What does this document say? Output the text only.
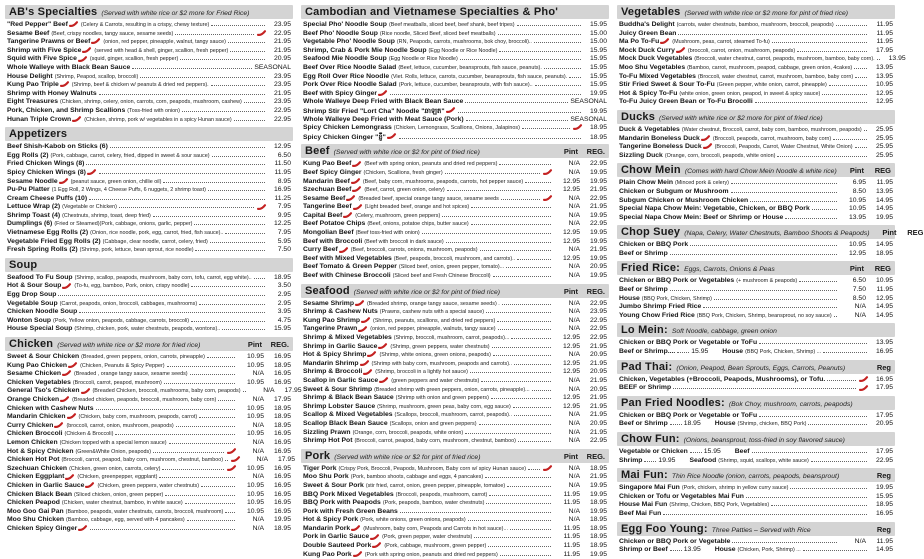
AB's Specialties (Served with white rice or $2 more for Fried Rice)
"Red Pepper" Beef (Celery & Carrots, resulting in a crispy, chewy texture)	23.95
Sesame Beef (Beef, crispy noodles, tangy sauce, sesame seeds)	22.95
Tangerine Prawns or Beef (onion, red pepper, pineapple, walnut, tangy sauce)	21.95
Shrimp with Five Spice (served with head & shell, ginger, scallion, fresh pepper)	21.95
Squid with Five Spice (squid, ginger, scallion, fresh pepper)	20.95
Whole Walleye with Black Bean Sauce	SEASONAL
House Delight (Shrimp, Peapod, scallop, broccoli)	23.95
Kung Pao Triple (Shrimp, beef & chicken w/ peanuts & dried red peppers).	23.95
Shrimp with Honey Walnuts	21.95
Eight Treasures (Chicken, shrimp, celery, onion, carrots, corn, peapods, mushroom, cashew)	23.95
Pork, Chicken, and Shrimp Scallions (Toss-fried with onion)	22.95
Hunan Triple Crown (Chicken, shrimp, pork w/ vegetables in a spicy Hunan sauce)	22.95
Appetizers
Beef Shish-Kabob on Sticks (6)	12.95
Egg Rolls (2) (Pork, cabbage, carrot, celery, fried, dipped in sweet & sour sauce)	6.50
Fried Chicken Wings (8)	11.50
Spicy Chicken Wings (8)	11.95
Sesame Noodle (peanut sauce, green onion, chillie oil)	8.95
Pu-Pu Platter (1 Egg Roll, 2 Wings, 4 Cheese Puffs, 6 nuggets, 2 shrimp toast)	16.95
Cream Cheese Puffs (10)	11.25
Lettuce Wrap (2) (Vegetable or Chicken)	7.95
Shrimp Toast (4) (Chestnuts, shrimp, toast, deep fried)	9.95
Dumplings (6) (Fried or Steamed)(Pork, cabbage, onions, garlic, pepper)	12.25
Vietnamese Egg Rolls (2) (Onion, rice noodle, pork, egg, carrot, fried, fish sauce)..	7.95
Vegetable Fried Egg Rolls (2) (Cabbage, clear noodle, carrot, celery, fried)	5.95
Fresh Spring Rolls (2) (Shrimp, pork, lettuce, bean sprout, rice noodle)	7.50
Soup
Seafood To Fu Soup (Shrimp, scallop, peapods, mushroom, baby corn, tofu, carrot, egg white)..	18.95
Hot & Sour Soup (To-fu, egg, bamboo, Pork, onion, crispy noodle)	3.50
Egg Drop Soup	2.95
Vegetable Soup (Carrot, peapods, onion, broccoli, cabbages, mushrooms)	2.95
Chicken Noodle Soup	3.95
Wonton Soup (Pork, Yellow onion, peapods, cabbage, carrots, broccoli)	4.75
House Special Soup (Shrimp, chicken, pork, water chestnuts, peapods, wontons)..	15.95
Chicken (Served with white rice or $2 more for fried rice)	Pint	REG.
Sweet & Sour Chicken (Breaded, green peppers, onion, carrots, pineapple)	10.95	16.95
Kung Pao Chicken (Chicken, Peanuts & Spicy Pepper)	10.95	18.95
Sesame Chicken (Breaded , orange tangy sauce, sesame seeds)	N/A	16.95
Chicken Vegetables (Broccoli, carrot, peapod, mushroom)	10.95	16.95
General Tso's Chicken (Breaded Chicken, broccoli, mushrooms, baby corn, peapods)	N/A	17.95
Orange Chicken (Breaded chicken, peapods, broccoli, mushroom, baby corn)	N/A	17.95
Chicken with Cashew Nuts	10.95	18.95
Mandarin Chicken (Chicken, baby corn, mushroom, peapods, carrot)	10.95	18.95
Curry Chicken (broccoli, carrot, onion, mushroom, peapods)	N/A	18.95
Chicken Broccoli (Chicken & Broccoli)	10.95	16.95
Lemon Chicken (Chicken topped with a special lemon sauce)	N/A	16.95
Hot & Spicy Chicken (Green&White Onion, peapods)	N/A	16.95
Chicken Hot Pot (Broccoli, carrot, peapod, baby corn, mushroom, chestnut, bamboo)	N/A	17.95
Szechuan Chicken (Chicken, green onion, carrots, celery)	10.95	16.95
Chicken Eggplant (Chicken, greenpepper, eggplant)	N/A	16.95
Chicken in Garlic Sauce (Chicken, green peppers, water chestnuts)	10.95	16.95
Chicken Black Bean (Sliced chicken, onion, green pepper)	10.95	16.95
Chicken Peapod (Chicken, water chestnut, bamboo, in white sauce)	10.95	16.95
Moo Goo Gai Pan (Bamboo, peapods, water chestnuts, carrots, broccoli, mushroom)	10.95	16.95
Moo Shu Chicken (Bamboo, cabbage, egg, served with 4 pancakes)	N/A	19.95
Chicken Spicy Ginger	N/A	18.95
Cambodian and Vietnamese Specialties & Pho'
Special Pho' Noodle Soup (Beef meatballs, sliced beef, beef shank, beef tripes)	15.95
Beef Pho' Noodle Soup (Rice noodle, Sliced Beef, sliced beef meatballs)	15.00
Vegetable Pho' Noodle Soup (RN, Peapods, carrots, mushrooms, bok choy, broccoli)..	15.00
Shrimp, Crab & Pork Mie Noodle Soup (Egg Noodle or Rice Noodle)	15.95
Seafood Mie Noodle Soup (Egg Noodle or Rice Noodle)	15.95
Beef Over Rice Noodle Salad (Beef, lettuce, cucumber, beansprouts, fish sauce, peanuts).	15.95
Egg Roll Over Rice Noodle (Viet. Rolls, lettuce, carrots, cucumber, beansprouts, fish sauce, peanuts).	15.95
Pork Over Rice Noodle Salad (Pork, lettuce, cucumber, beansprouts, with fish sauce)..	15.95
Beef with Spicy Ginger	19.95
Whole Walleye Deep Fried with Black Bean Sauce	SEASONAL
Shrimp Stir Fried "Lort Cha" Noodle "ឆាឡត"	19.95
Whole Walleye Deep Fried with Meat Sauce (Pork)	SEASONAL
Spicy Chicken Lemongrass (Chicken, Lemongrass, Scallions, Onions, Jalapinos)	18.95
Spicy Chicken Ginger "ខ្ញី"	18.95
Beef (Served with white rice or $2 for pint of fried rice)	Pint	REG.
Kung Pao Beef (Beef with spring onion, peanuts and dried red peppers)	N/A	22.95
Beef Spicy Ginger (Chicken, Scallions, fresh ginger)	N/A	19.95
Mandarin Beef (Beef, baby corn, mushrooms, peapods, carrots, hot pepper sauce)	12.95	19.95
Szechuan Beef (Beef, carrot, green onion, celery)	12.95	21.95
Sesame Beef (Breaded beef, special orange tangy sauce, sesame seeds	N/A	22.95
Tangerine Beef (Light breaded beef, orange and hot spices)	N/A	21.95
Capital Beef (Celery, mushroom, green peppers)	N/A	19.95
Beef Potatoe Chips (Beef, onions, potatoe chips, butter sauce)	N/A	22.95
Mongolian Beef (Beef toss-fried with onion)	12.95	19.95
Beef with Broccoli (Beef with broccoli in dark sauce)	12.95	19.95
Curry Beef (Beef, broccoli, carrots, onions, mushroom, peapods)	N/A	21.95
Beef with Mixed Vegetables (Beef, peapods, broccoli, mushroom, and carrots)..	12.95	19.95
Beef Tomato & Green Pepper (Sliced beef, onion, green pepper, tomato)...	N/A	20.95
Beef with Chinese Broccoli (Sliced beef and Fresh Chinese Broccoli)	N/A	19.95
Seafood (Served with white rice or $2 for pint of fried rice)	Pint	REG.
Sesame Shrimp (Breaded shrimp, orange tangy sauce, sesame seeds) .	N/A	22.95
Shrimp & Cashew Nuts (Prawns, cashew nuts with a special sauce)	N/A	23.95
Kung Pao Shrimp (Shrimp, peanuts, scallions, and dried red peppers)	N/A	22.95
Tangerine Prawn (onion, red pepper, pineapple, walnuts, tangy sauce)	N/A	22.95
Shrimp & Mixed Vegetables (Shrimp, broccoli, mushroom, carrot, peapods)...	12.95	22.95
Shrimp in Garlic Sauce (Shrimp, green peppers, water chestnuts)	12.95	21.95
Hot & Spicy Shrimp (Shrimp, white onions, green onions, peapods)	N/A	20.95
Mandarin Shrimp (Shrimp with baby corn, mushroom, peapods and carrots)..	12.95	21.95
Shrimp & Broccoli (Shrimp, broccoli in a lightly hot sauce)	12.95	20.95
Scallop in Garlic Sauce (green peppers and water chestnuts)	N/A	21.95
Sweet & Sour Shrimp (Breaded shrimp with green peppers, onion, carrots, pineapple)...	N/A	20.95
Shrimp & Black Bean Sauce (Shrimp with onion and green peppers)	12.95	21.95
Shrimp Lobster Sauce (Shrimp, mushroom, green peas, baby corn, egg sauce)	12.95	21.95
Scallop & Mixed Vegetables (Scallops, broccoli, mushroom, carrot, peapods)..	N/A	21.95
Scallop Black Bean Sauce (Scallops, onion and green peppers)	N/A	20.95
Sizzling Prawn (Orange, corn, broccoli, peapods, white onion)	N/A	21.95
Shrimp Hot Pot (Broccoli, carrot, peapod, baby corn, mushroom, chestnut, bamboo)	N/A	22.95
Pork (Served with white rice or $2 for pint of fried rice)	Pint	REG.
Tiger Pork (Crispy Pork, Broccoli, Peapods, Mushroom, Baby corn w/ spicy Hunan sauce)	N/A	18.95
Moo Shu Pork (Pork, bamboo shoots, cabbage and eggs, 4 pancakes)	N/A	21.95
Sweet & Sour Pork (stir fried, carrot, onion, green pepper, pineapple, tomatoe)	N/A	19.95
BBQ Pork Mixed Vegetables (Broccoli, peapods, mushroom, carrot)	11.95	19.95
BBQ Pork with Peapods (Pork, peapods, bamboo, water chestnuts)	11.95	18.95
Pork with Fresh Green Beans	N/A	19.95
Hot & Spicy Pork (Pork, white onions, green onions, peapods)	N/A	18.95
Mandarin Pork (Mushroom, baby corn, Peapods and Carrots in hot sauce)...	11.95	18.95
Pork in Garlic Sauce (Pork, green pepper, water chestnuts)	11.95	18.95
Double Sauteed Pork (Pork, cabbage, mushroom, green pepper)	11.95	18.95
Kung Pao Pork (Pork with spring onion, peanuts and dried red peppers)	11.95	19.95
Vegetables (Served with white rice or $2 more for pint of fried rice)
Buddha's Delight (carrots, water chestnuts, bamboo, mushroom, broccoli, peapods)	11.95
Juicy Green Bean	11.95
Ma Po To-Fu (Mushroom, peas, carrot, steamed To-fu)	11.95
Mock Duck Curry (broccoli, carrot, onion, mushroom, peapods)	17.95
Mock Duck Vegetables (Broccoli, water chestnut, carrot, peapods, mushroom, bamboo, baby corn).	13.95
Moo Shu Vegetables (Bamboo, carrot, mushroom, peapod, cabbage, green onion, 4cakes)	13.95
To-Fu Mixed Vegetables (Broccoli, water chestnut, carrot, mushroom, bamboo, baby corn)	13.95
Stir Fried Sweet & Sour To-Fu (Green pepper, white onion, carrot, pineapple)	10.95
Hot & Spicy To-Fu (white onion, green onion, peapod, in sweet & spicy sauce)	12.95
To-Fu Juicy Green Bean or To-Fu Brocolli	12.95
Ducks (Served with white rice or $2 more for pint of fried rice)
Duck & Vegetables (Water chestnut, Broccoli, carrot, baby corn, bamboo, mushroom, peapods)	25.95
Mandarin Boneless Duck (Broccoli, peapods, carrot, mushroom, baby corn)	25.95
Tangerine Boneless Duck (Broccoli, Peapods, Carrot, Water Chestnut, White Onion)	25.95
Sizzling Duck (Orange, corn, broccoli, peapods, white onion)	25.95
Chow Mein (Comes with hard Chow Mein Noodle & white rice)	Pint	REG
Plain Chow Mein (Minced pork & celery)	6.95	11.95
Chicken or Subgum or Mushroom	8.50	13.95
Subgum Chicken or Mushroom Chicken	10.95	14.95
Special Napa Chow Mein: Vegetable, Chicken, or BBQ Pork	10.95	14.95
Special Napa Chow Mein: Beef or Shrimp or House	13.95	19.95
Chop Suey (Napa, Celery, Water Chestnuts, Bamboo Shoots & Peapods)	Pint	REG
Chicken or BBQ Pork	10.95	14.95
Beef or Shrimp	12.95	18.95
Fried Rice: Eggs, Carrots, Onions & Peas	Pint	REG
Chicken or BBQ Pork or Vegetables (+ mushroom & peapods)	6.50	10.95
Beef or Shrimp	7.50	11.95
House (BBQ Pork, Chicken, Shrimp)	8.50	12.95
Jumbo Shrimp Fried Rice	N/A	14.95
Young Chow Fried Rice (BBQ Pork, Chicken, Shrimp, beansprout, no soy sauce)	N/A	14.95
Lo Mein: Soft Noodle, cabbage, green onion
Chicken or BBQ Pork or Vegetable or ToFu	13.95
Beef or Shrimp.... 15.95 House (BBQ Pork, Chicken, Shrimp) ...	16.95
Pad Thai: (Onion, Peapod, Bean Sprouts, Eggs, Carrots, Peanuts)	Reg
Chicken, Vegetables (+Broccoli, Peapods, Mushrooms), or Tofu.	16.95
BEEF or Shrimp	17.95
Pan Fried Noodles: (Bok Choy, mushroom, carrots, peapods)
Chicken or BBQ Pork or Vegetable or ToFu	17.95
Beef or Shrimp 18.95 House (Shrimp, chicken, BBQ Pork)	20.95
Chow Fun: (Onions, beansprout, toss-fried in soy flavored sauce)
Vegetable or Chicken 15.95 Beef	17.95
Shrimp 19.95 Seafood (Shrimp, squid, scallops, white sauce)	22.95
Mai Fun: Thin Rice Noodle (onion, carrots, peapods, beansprout)	Reg
Singapore Mai Fun (Pork, chicken, shrimp in yellow curry sauce)	19.95
Chicken or Tofu or Vegetables Mai Fun	15.95
House Mai Fun (Shrimp, Chicken, BBQ Pork, Vegetables)	18.95
Beef Mai Fun	16.95
Egg Foo Young: Three Patties – Served with Rice	Reg
Chicken or BBQ Pork or Vegetable	N/A	11.95
Shrimp or Beef 13.95 House (Chicken, Pork, Shrimp) ...	14.95
